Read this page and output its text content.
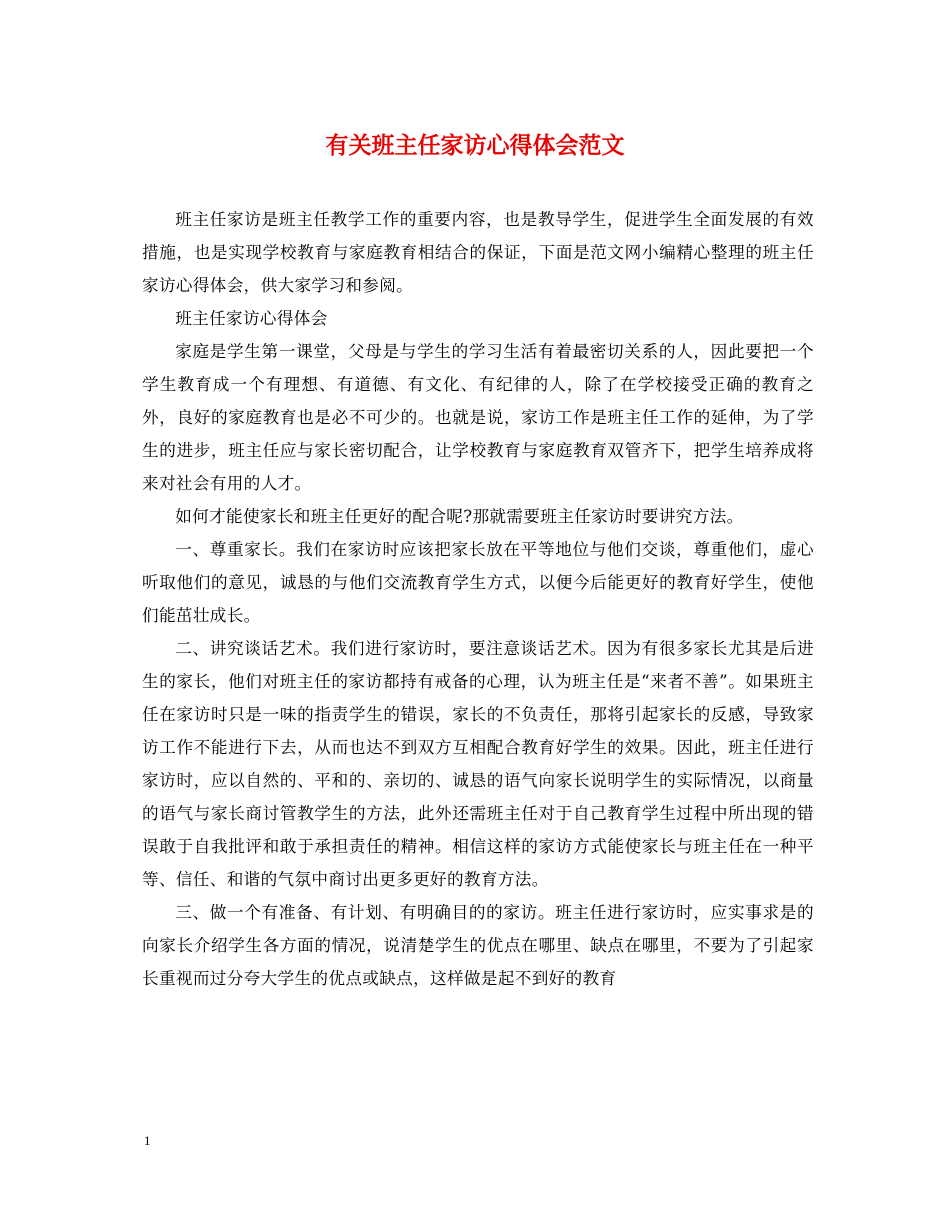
有关班主任家访心得体会范文

班主任家访是班主任教学工作的重要内容，也是教导学生，促进学生全面发展的有效措施，也是实现学校教育与家庭教育相结合的保证，下面是范文网小编精心整理的班主任家访心得体会，供大家学习和参阅。

班主任家访心得体会

家庭是学生第一课堂，父母是与学生的学习生活有着最密切关系的人，因此要把一个学生教育成一个有理想、有道德、有文化、有纪律的人，除了在学校接受正确的教育之外，良好的家庭教育也是必不可少的。也就是说，家访工作是班主任工作的延伸，为了学生的进步，班主任应与家长密切配合，让学校教育与家庭教育双管齐下，把学生培养成将来对社会有用的人才。

如何才能使家长和班主任更好的配合呢?那就需要班主任家访时要讲究方法。

一、尊重家长。我们在家访时应该把家长放在平等地位与他们交谈，尊重他们，虚心听取他们的意见，诚恳的与他们交流教育学生方式，以便今后能更好的教育好学生，使他们能茁壮成长。

二、讲究谈话艺术。我们进行家访时，要注意谈话艺术。因为有很多家长尤其是后进生的家长，他们对班主任的家访都持有戒备的心理，认为班主任是“来者不善”。如果班主任在家访时只是一味的指责学生的错误，家长的不负责任，那将引起家长的反感，导致家访工作不能进行下去，从而也达不到双方互相配合教育好学生的效果。因此，班主任进行家访时，应以自然的、平和的、亲切的、诚恳的语气向家长说明学生的实际情况，以商量的语气与家长商讨管教学生的方法，此外还需班主任对于自己教育学生过程中所出现的错误敢于自我批评和敢于承担责任的精神。相信这样的家访方式能使家长与班主任在一种平等、信任、和谐的气氛中商讨出更多更好的教育方法。

三、做一个有准备、有计划、有明确目的的家访。班主任进行家访时，应实事求是的向家长介绍学生各方面的情况，说清楚学生的优点在哪里、缺点在哪里，不要为了引起家长重视而过分夸大学生的优点或缺点，这样做是起不到好的教育

1
